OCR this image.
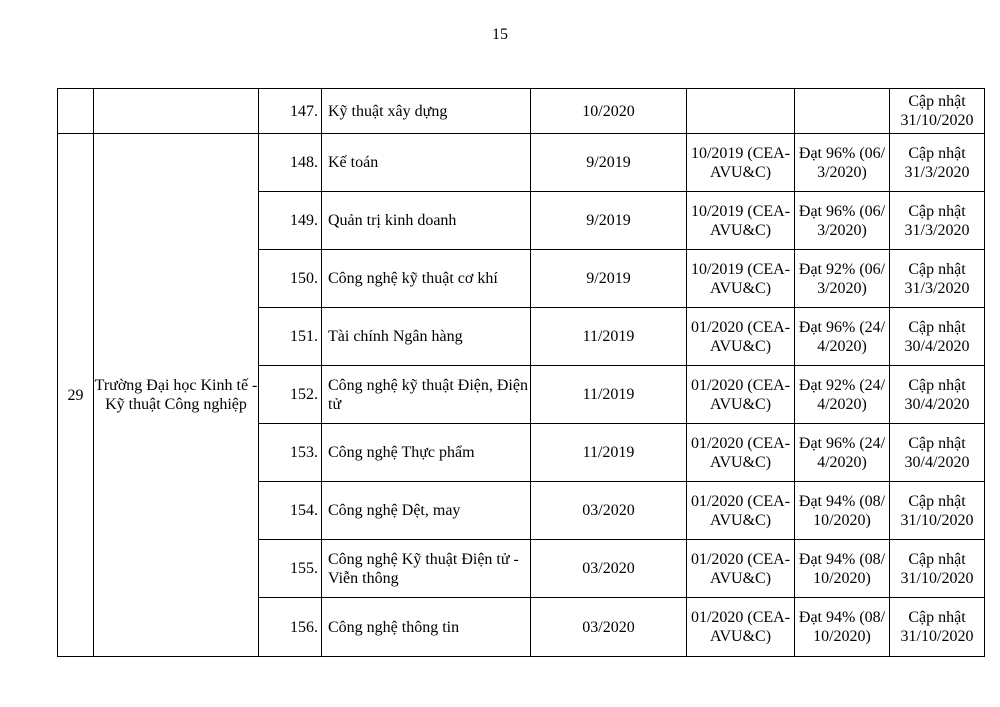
15
		147.	Kỹ thuật xây dựng	10/2020			Cập nhật 31/10/2020
29	Trường Đại học Kinh tế - Kỹ thuật Công nghiệp	148.	Kế toán	9/2019	10/2019 (CEA-AVU&C)	Đạt 96% (06/3/2020)	Cập nhật 31/3/2020
		149.	Quản trị kinh doanh	9/2019	10/2019 (CEA-AVU&C)	Đạt 96% (06/3/2020)	Cập nhật 31/3/2020
		150.	Công nghệ kỹ thuật cơ khí	9/2019	10/2019 (CEA-AVU&C)	Đạt 92% (06/3/2020)	Cập nhật 31/3/2020
		151.	Tài chính Ngân hàng	11/2019	01/2020 (CEA-AVU&C)	Đạt 96% (24/4/2020)	Cập nhật 30/4/2020
		152.	Công nghệ kỹ thuật Điện, Điện tử	11/2019	01/2020 (CEA-AVU&C)	Đạt 92% (24/4/2020)	Cập nhật 30/4/2020
		153.	Công nghệ Thực phẩm	11/2019	01/2020 (CEA-AVU&C)	Đạt 96% (24/4/2020)	Cập nhật 30/4/2020
		154.	Công nghệ Dệt, may	03/2020	01/2020 (CEA-AVU&C)	Đạt 94% (08/10/2020)	Cập nhật 31/10/2020
		155.	Công nghệ Kỹ thuật Điện tử - Viễn thông	03/2020	01/2020 (CEA-AVU&C)	Đạt 94% (08/10/2020)	Cập nhật 31/10/2020
		156.	Công nghệ thông tin	03/2020	01/2020 (CEA-AVU&C)	Đạt 94% (08/10/2020)	Cập nhật 31/10/2020
